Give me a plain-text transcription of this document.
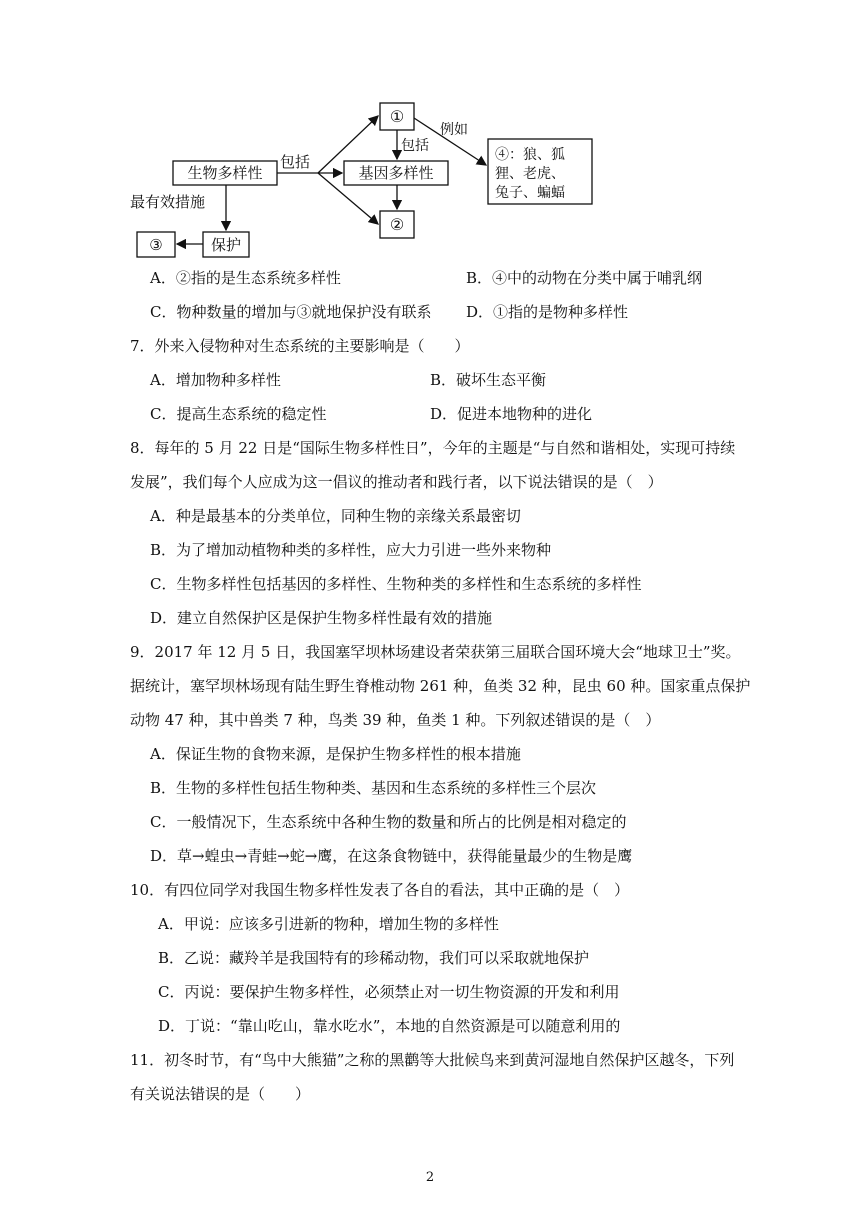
生物多样性
包括
基因多样性
①
包括
②
例如
④：狼、狐
狸、老虎、
兔子、蝙蝠
最有效措施
保护
③
A．②指的是生态系统多样性	B．④中的动物在分类中属于哺乳纲
C．物种数量的增加与③就地保护没有联系 D．①指的是物种多样性
7．外来入侵物种对生态系统的主要影响是（　　）
A．增加物种多样性	B．破坏生态平衡
C．提高生态系统的稳定性	D．促进本地物种的进化
8．每年的 5 月 22 日是“国际生物多样性日”，今年的主题是“与自然和谐相处，实现可持续
发展”，我们每个人应成为这一倡议的推动者和践行者，以下说法错误的是（　）
A．种是最基本的分类单位，同种生物的亲缘关系最密切
B．为了增加动植物种类的多样性，应大力引进一些外来物种
C．生物多样性包括基因的多样性、生物种类的多样性和生态系统的多样性
D．建立自然保护区是保护生物多样性最有效的措施
9．2017 年 12 月 5 日，我国塞罕坝林场建设者荣获第三届联合国环境大会“地球卫士”奖。
据统计，塞罕坝林场现有陆生野生脊椎动物 261 种，鱼类 32 种，昆虫 60 种。国家重点保护
动物 47 种，其中兽类 7 种，鸟类 39 种，鱼类 1 种。下列叙述错误的是（　）
A．保证生物的食物来源，是保护生物多样性的根本措施
B．生物的多样性包括生物种类、基因和生态系统的多样性三个层次
C．一般情况下，生态系统中各种生物的数量和所占的比例是相对稳定的
D．草→蝗虫→青蛙→蛇→鹰，在这条食物链中，获得能量最少的生物是鹰
10．有四位同学对我国生物多样性发表了各自的看法，其中正确的是（　）
A．甲说：应该多引进新的物种，增加生物的多样性
B．乙说：藏羚羊是我国特有的珍稀动物，我们可以采取就地保护
C．丙说：要保护生物多样性，必须禁止对一切生物资源的开发和利用
D．丁说：“靠山吃山，靠水吃水”，本地的自然资源是可以随意利用的
11．初冬时节，有“鸟中大熊猫”之称的黑鹳等大批候鸟来到黄河湿地自然保护区越冬，下列
有关说法错误的是（　　）
2
